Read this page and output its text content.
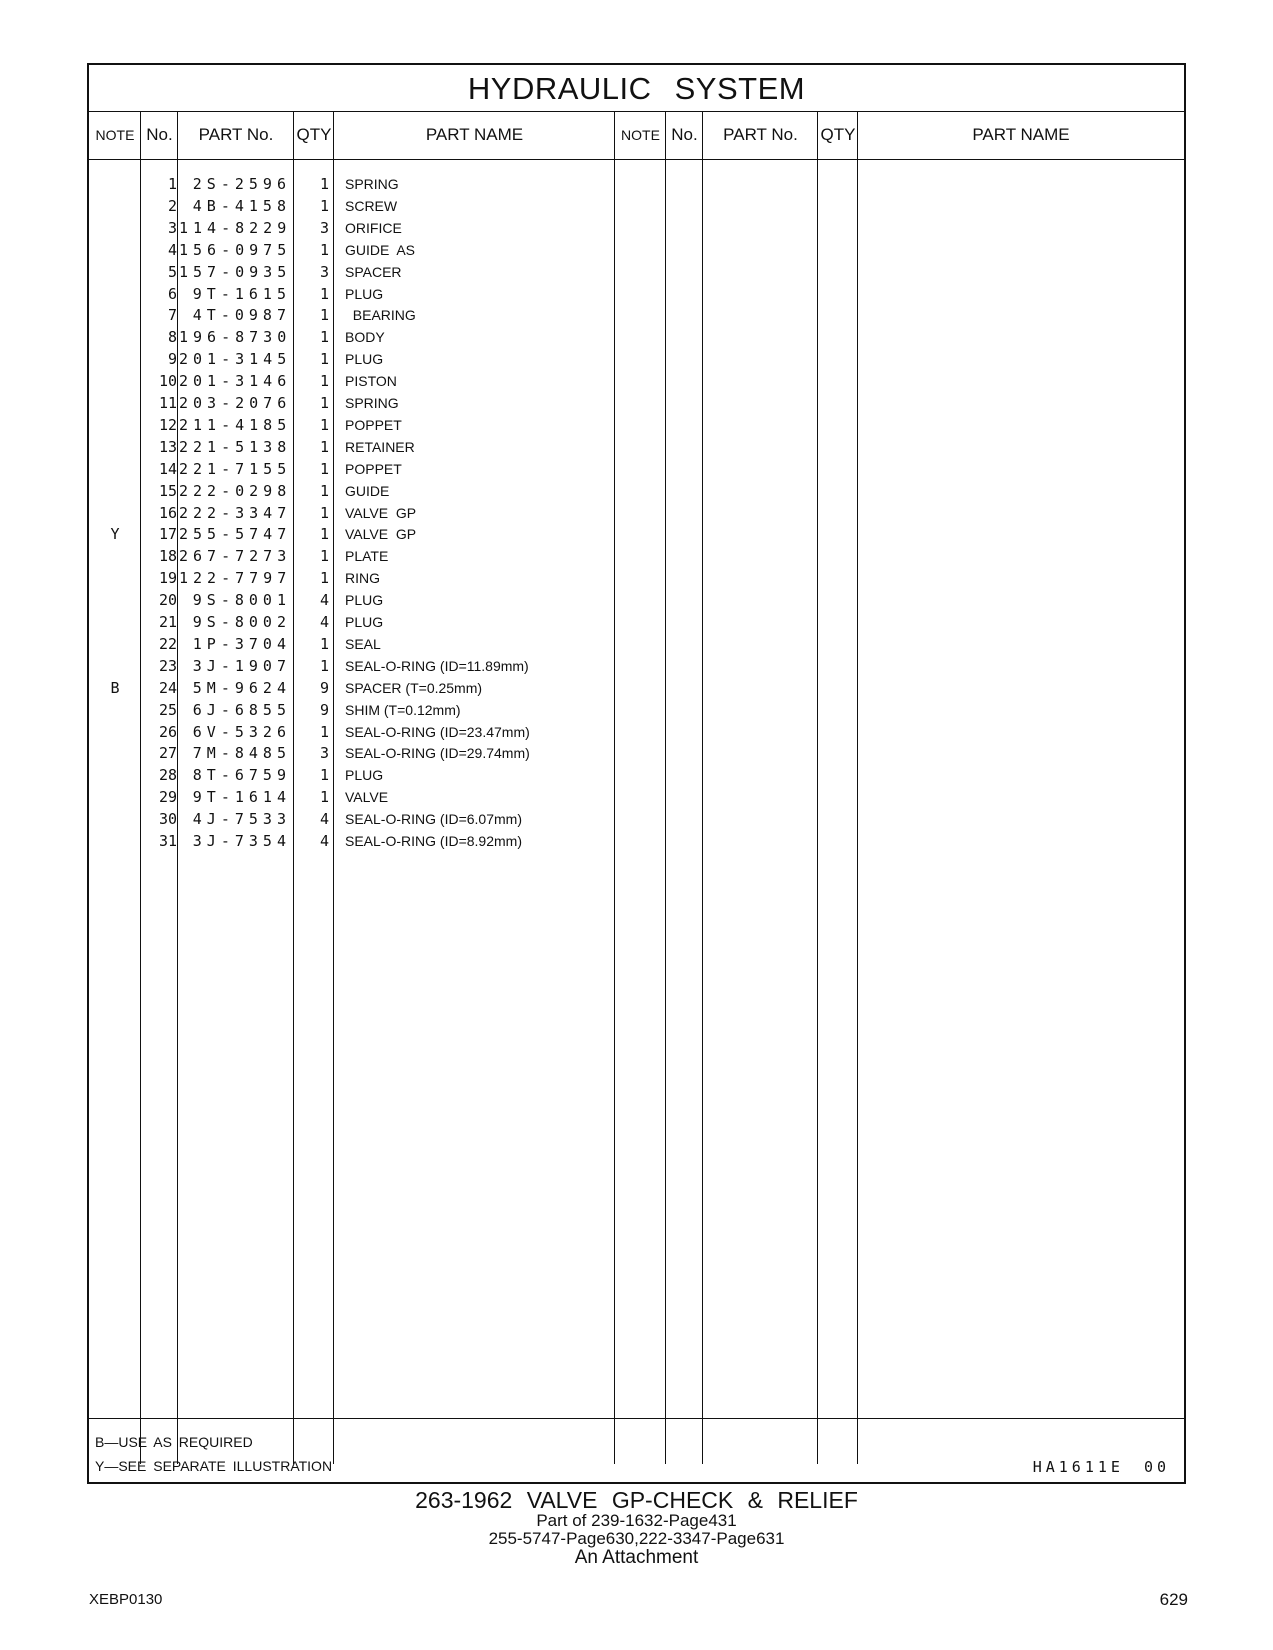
HYDRAULIC SYSTEM
NOTE No.	PART No.	QTY	PART NAME	NOTE No.	PART No.	QTY	PART NAME
1	2S-2596	1 SPRING
2	4B-4158	1 SCREW
3 114-8229	3 ORIFICE
4 156-0975	1 GUIDE  AS
5 157-0935	3 SPACER
6	9T-1615	1 PLUG
7	4T-0987	1 BEARING
8 196-8730	1 BODY
9 201-3145	1 PLUG
10 201-3146	1 PISTON
11 203-2076	1 SPRING
12 211-4185	1 POPPET
13 221-5138	1 RETAINER
14 221-7155	1 POPPET
15 222-0298	1 GUIDE
16 222-3347	1 VALVE  GP
Y	17 255-5747	1 VALVE  GP
18 267-7273	1 PLATE
19 122-7797	1 RING
20	9S-8001	4 PLUG
21	9S-8002	4 PLUG
22	1P-3704	1 SEAL
23	3J-1907	1 SEAL-O-RING (ID=11.89mm)
B	24	5M-9624	9 SPACER (T=0.25mm)
25	6J-6855	9 SHIM (T=0.12mm)
26	6V-5326	1 SEAL-O-RING (ID=23.47mm)
27	7M-8485	3 SEAL-O-RING (ID=29.74mm)
28	8T-6759	1 PLUG
29	9T-1614	1 VALVE
30	4J-7533	4 SEAL-O-RING (ID=6.07mm)
31	3J-7354	4 SEAL-O-RING (ID=8.92mm)
B—USE AS REQUIRED
Y—SEE SEPARATE ILLUSTRATION	HA1611E 00
263-1962 VALVE GP-CHECK & RELIEF
Part of 239-1632-Page431
255-5747-Page630,222-3347-Page631
An Attachment
XEBP0130	629
